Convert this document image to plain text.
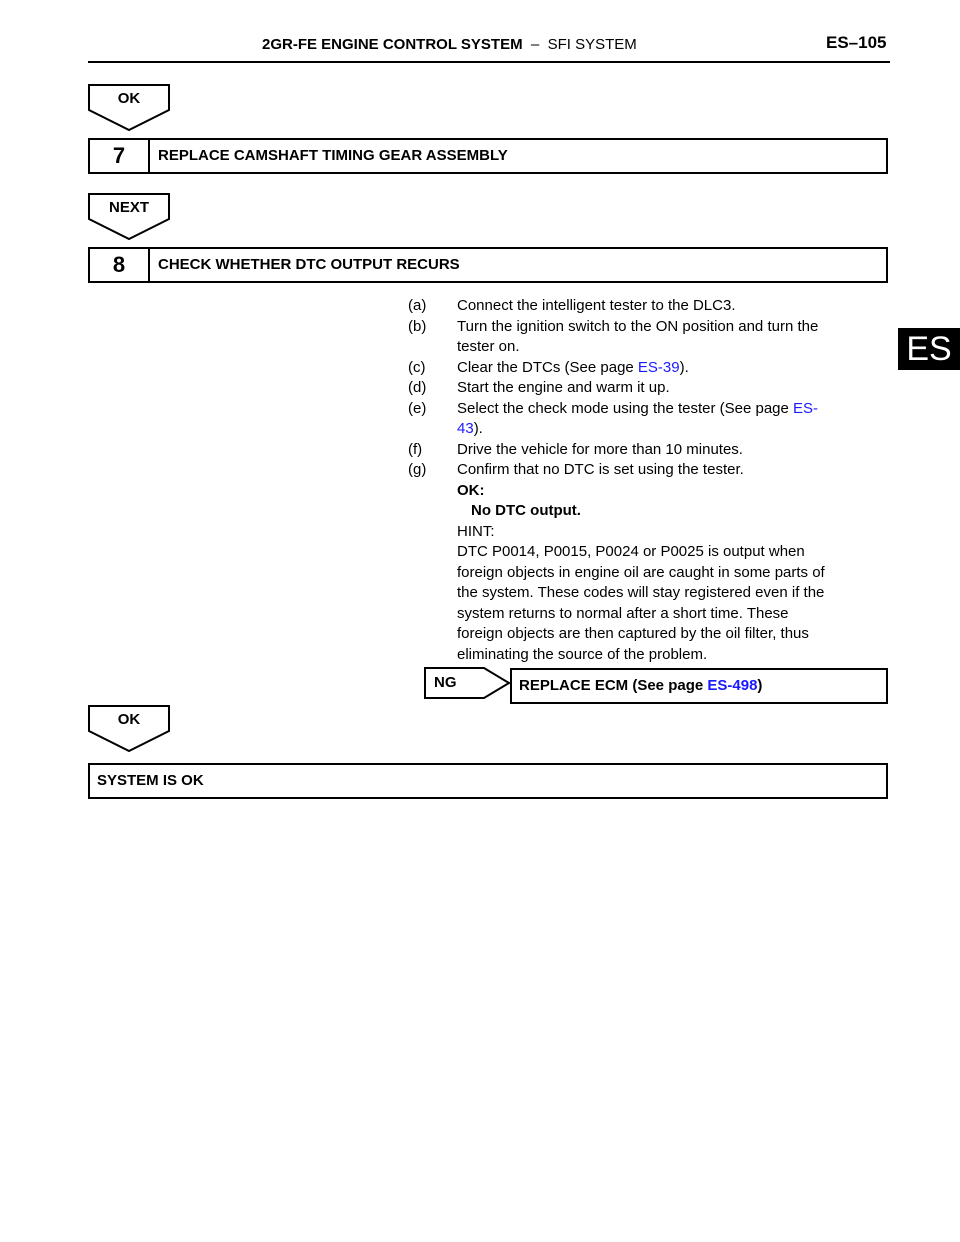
2GR-FE ENGINE CONTROL SYSTEM  –  SFI SYSTEM	ES–105
ES
OK
7	REPLACE CAMSHAFT TIMING GEAR ASSEMBLY
NEXT
8	CHECK WHETHER DTC OUTPUT RECURS
(a) Connect the intelligent tester to the DLC3.
(b) Turn the ignition switch to the ON position and turn the
tester on.
(c) Clear the DTCs (See page ES-39).
(d) Start the engine and warm it up.
(e) Select the check mode using the tester (See page ES-
43).
(f) Drive the vehicle for more than 10 minutes.
(g) Confirm that no DTC is set using the tester.
OK:
No DTC output.
HINT:
DTC P0014, P0015, P0024 or P0025 is output when
foreign objects in engine oil are caught in some parts of
the system. These codes will stay registered even if the
system returns to normal after a short time. These
foreign objects are then captured by the oil filter, thus
eliminating the source of the problem.
NG	REPLACE ECM (See page ES-498)
OK
SYSTEM IS OK
